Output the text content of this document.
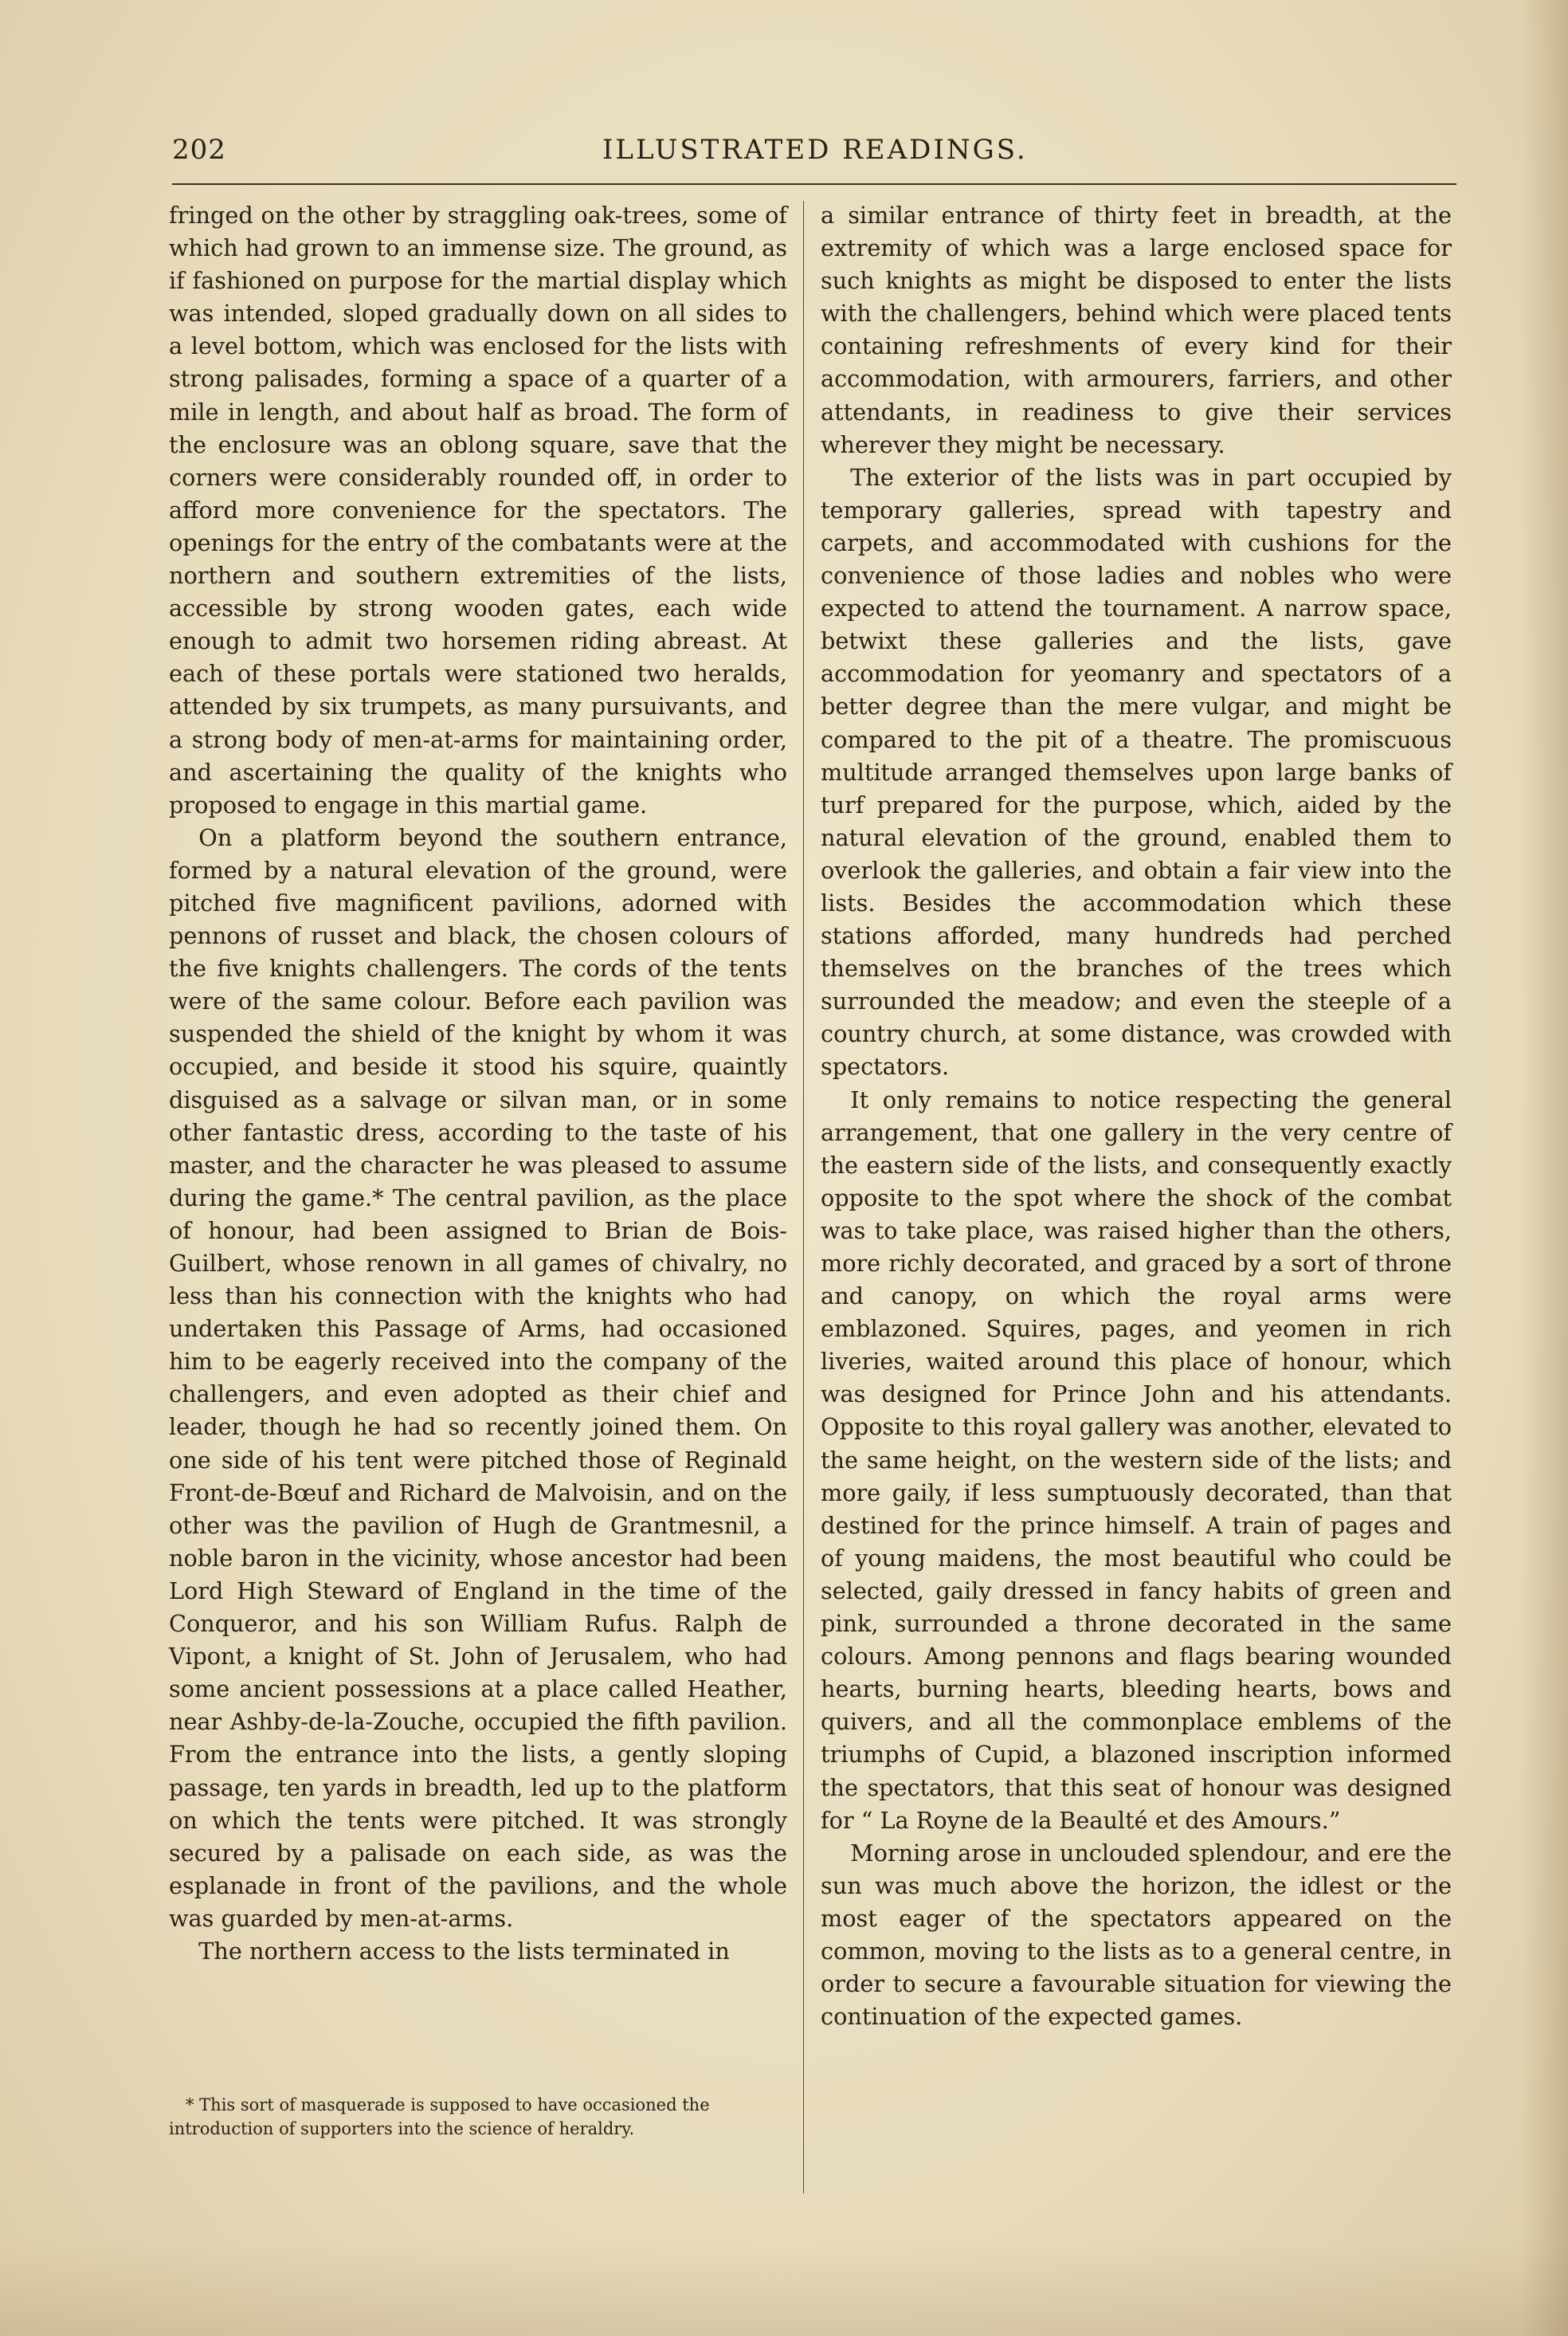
202	ILLUSTRATED READINGS.

fringed on the other by straggling oak-trees, some of which had grown to an immense size. The ground, as if fashioned on purpose for the martial display which was intended, sloped gradually down on all sides to a level bottom, which was enclosed for the lists with strong palisades, forming a space of a quarter of a mile in length, and about half as broad. The form of the enclosure was an oblong square, save that the corners were considerably rounded off, in order to afford more convenience for the spectators. The openings for the entry of the combatants were at the northern and southern extremities of the lists, accessible by strong wooden gates, each wide enough to admit two horsemen riding abreast. At each of these portals were stationed two heralds, attended by six trumpets, as many pursuivants, and a strong body of men-at-arms for maintaining order, and ascertaining the quality of the knights who proposed to engage in this martial game.

On a platform beyond the southern entrance, formed by a natural elevation of the ground, were pitched five magnificent pavilions, adorned with pennons of russet and black, the chosen colours of the five knights challengers. The cords of the tents were of the same colour. Before each pavilion was suspended the shield of the knight by whom it was occupied, and beside it stood his squire, quaintly disguised as a salvage or silvan man, or in some other fantastic dress, according to the taste of his master, and the character he was pleased to assume during the game.* The central pavilion, as the place of honour, had been assigned to Brian de Bois-Guilbert, whose renown in all games of chivalry, no less than his connection with the knights who had undertaken this Passage of Arms, had occasioned him to be eagerly received into the company of the challengers, and even adopted as their chief and leader, though he had so recently joined them. On one side of his tent were pitched those of Reginald Front-de-Bœuf and Richard de Malvoisin, and on the other was the pavilion of Hugh de Grantmesnil, a noble baron in the vicinity, whose ancestor had been Lord High Steward of England in the time of the Conqueror, and his son William Rufus. Ralph de Vipont, a knight of St. John of Jerusalem, who had some ancient possessions at a place called Heather, near Ashby-de-la-Zouche, occupied the fifth pavilion. From the entrance into the lists, a gently sloping passage, ten yards in breadth, led up to the platform on which the tents were pitched. It was strongly secured by a palisade on each side, as was the esplanade in front of the pavilions, and the whole was guarded by men-at-arms.

The northern access to the lists terminated in

* This sort of masquerade is supposed to have occasioned the introduction of supporters into the science of heraldry.

a similar entrance of thirty feet in breadth, at the extremity of which was a large enclosed space for such knights as might be disposed to enter the lists with the challengers, behind which were placed tents containing refreshments of every kind for their accommodation, with armourers, farriers, and other attendants, in readiness to give their services wherever they might be necessary.

The exterior of the lists was in part occupied by temporary galleries, spread with tapestry and carpets, and accommodated with cushions for the convenience of those ladies and nobles who were expected to attend the tournament. A narrow space, betwixt these galleries and the lists, gave accommodation for yeomanry and spectators of a better degree than the mere vulgar, and might be compared to the pit of a theatre. The promiscuous multitude arranged themselves upon large banks of turf prepared for the purpose, which, aided by the natural elevation of the ground, enabled them to overlook the galleries, and obtain a fair view into the lists. Besides the accommodation which these stations afforded, many hundreds had perched themselves on the branches of the trees which surrounded the meadow; and even the steeple of a country church, at some distance, was crowded with spectators.

It only remains to notice respecting the general arrangement, that one gallery in the very centre of the eastern side of the lists, and consequently exactly opposite to the spot where the shock of the combat was to take place, was raised higher than the others, more richly decorated, and graced by a sort of throne and canopy, on which the royal arms were emblazoned. Squires, pages, and yeomen in rich liveries, waited around this place of honour, which was designed for Prince John and his attendants. Opposite to this royal gallery was another, elevated to the same height, on the western side of the lists; and more gaily, if less sumptuously decorated, than that destined for the prince himself. A train of pages and of young maidens, the most beautiful who could be selected, gaily dressed in fancy habits of green and pink, surrounded a throne decorated in the same colours. Among pennons and flags bearing wounded hearts, burning hearts, bleeding hearts, bows and quivers, and all the commonplace emblems of the triumphs of Cupid, a blazoned inscription informed the spectators, that this seat of honour was designed for “ La Royne de la Beaulté et des Amours.”

Morning arose in unclouded splendour, and ere the sun was much above the horizon, the idlest or the most eager of the spectators appeared on the common, moving to the lists as to a general centre, in order to secure a favourable situation for viewing the continuation of the expected games.
